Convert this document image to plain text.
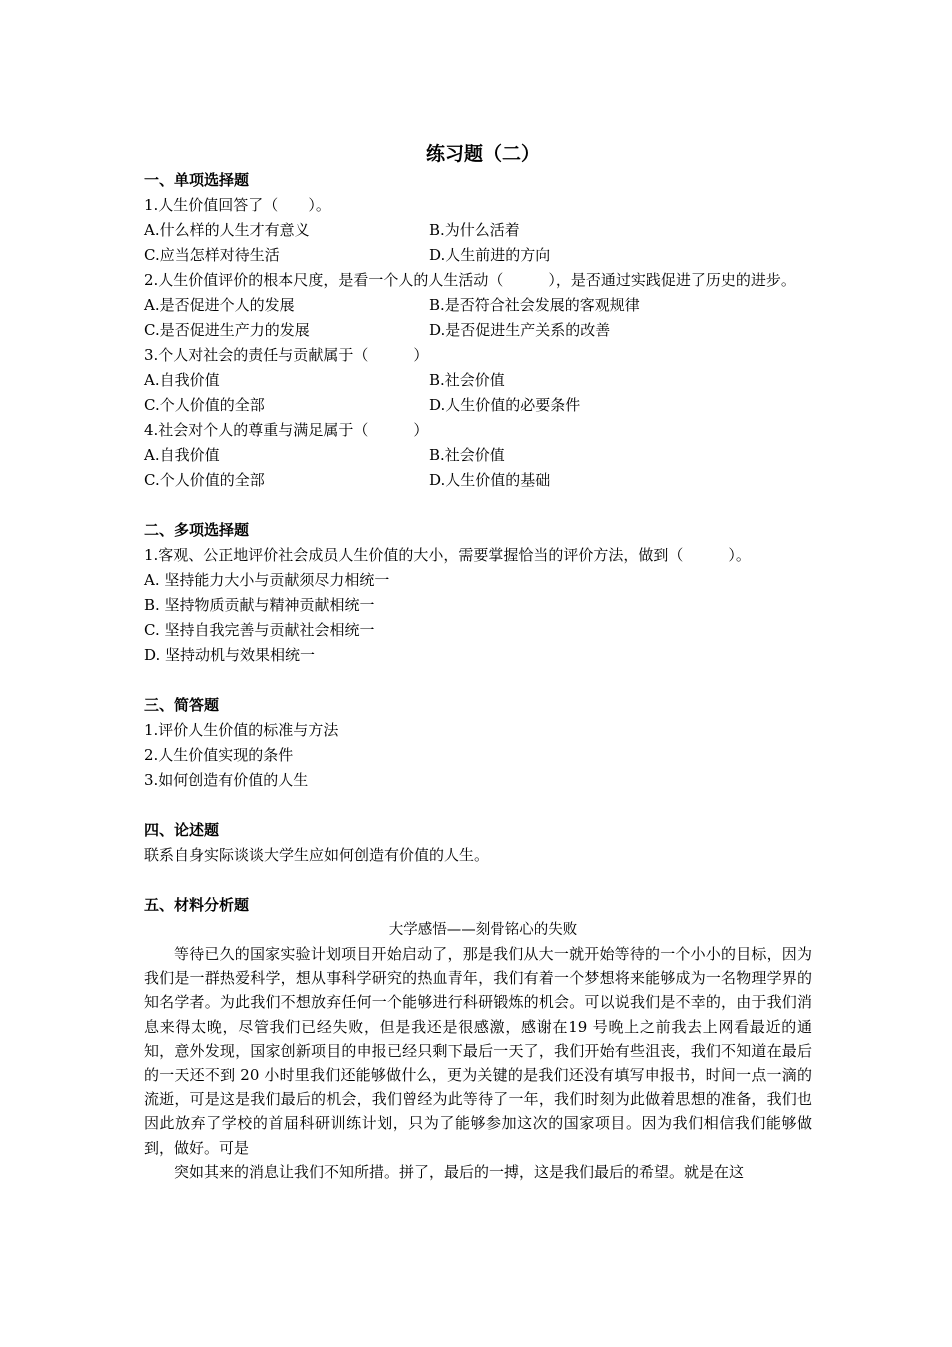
练习题（二）
一、单项选择题
1.人生价值回答了（　　）。
A.什么样的人生才有意义	B.为什么活着
C.应当怎样对待生活	D.人生前进的方向
2.人生价值评价的根本尺度，是看一个人的人生活动（　　　），是否通过实践促进了历史的进步。
A.是否促进个人的发展	B.是否符合社会发展的客观规律
C.是否促进生产力的发展	D.是否促进生产关系的改善
3.个人对社会的责任与贡献属于（　　　）
A.自我价值	B.社会价值
C.个人价值的全部	D.人生价值的必要条件
4.社会对个人的尊重与满足属于（　　　）
A.自我价值	B.社会价值
C.个人价值的全部	D.人生价值的基础
二、多项选择题
1.客观、公正地评价社会成员人生价值的大小，需要掌握恰当的评价方法，做到（　　　）。
A. 坚持能力大小与贡献须尽力相统一
B. 坚持物质贡献与精神贡献相统一
C. 坚持自我完善与贡献社会相统一
D. 坚持动机与效果相统一
三、简答题
1.评价人生价值的标准与方法
2.人生价值实现的条件
3.如何创造有价值的人生
四、论述题
联系自身实际谈谈大学生应如何创造有价值的人生。
五、材料分析题
大学感悟——刻骨铭心的失败

等待已久的国家实验计划项目开始启动了，那是我们从大一就开始等待的一个小小的目标，因为我们是一群热爱科学，想从事科学研究的热血青年，我们有着一个梦想将来能够成为一名物理学界的知名学者。为此我们不想放弃任何一个能够进行科研锻炼的机会。可以说我们是不幸的，由于我们消息来得太晚，尽管我们已经失败，但是我还是很感激，感谢在19 号晚上之前我去上网看最近的通知，意外发现，国家创新项目的申报已经只剩下最后一天了，我们开始有些沮丧，我们不知道在最后的一天还不到 20 小时里我们还能够做什么，更为关键的是我们还没有填写申报书，时间一点一滴的流逝，可是这是我们最后的机会，我们曾经为此等待了一年，我们时刻为此做着思想的准备，我们也因此放弃了学校的首届科研训练计划，只为了能够参加这次的国家项目。因为我们相信我们能够做到，做好。可是

突如其来的消息让我们不知所措。拼了，最后的一搏，这是我们最后的希望。就是在这
